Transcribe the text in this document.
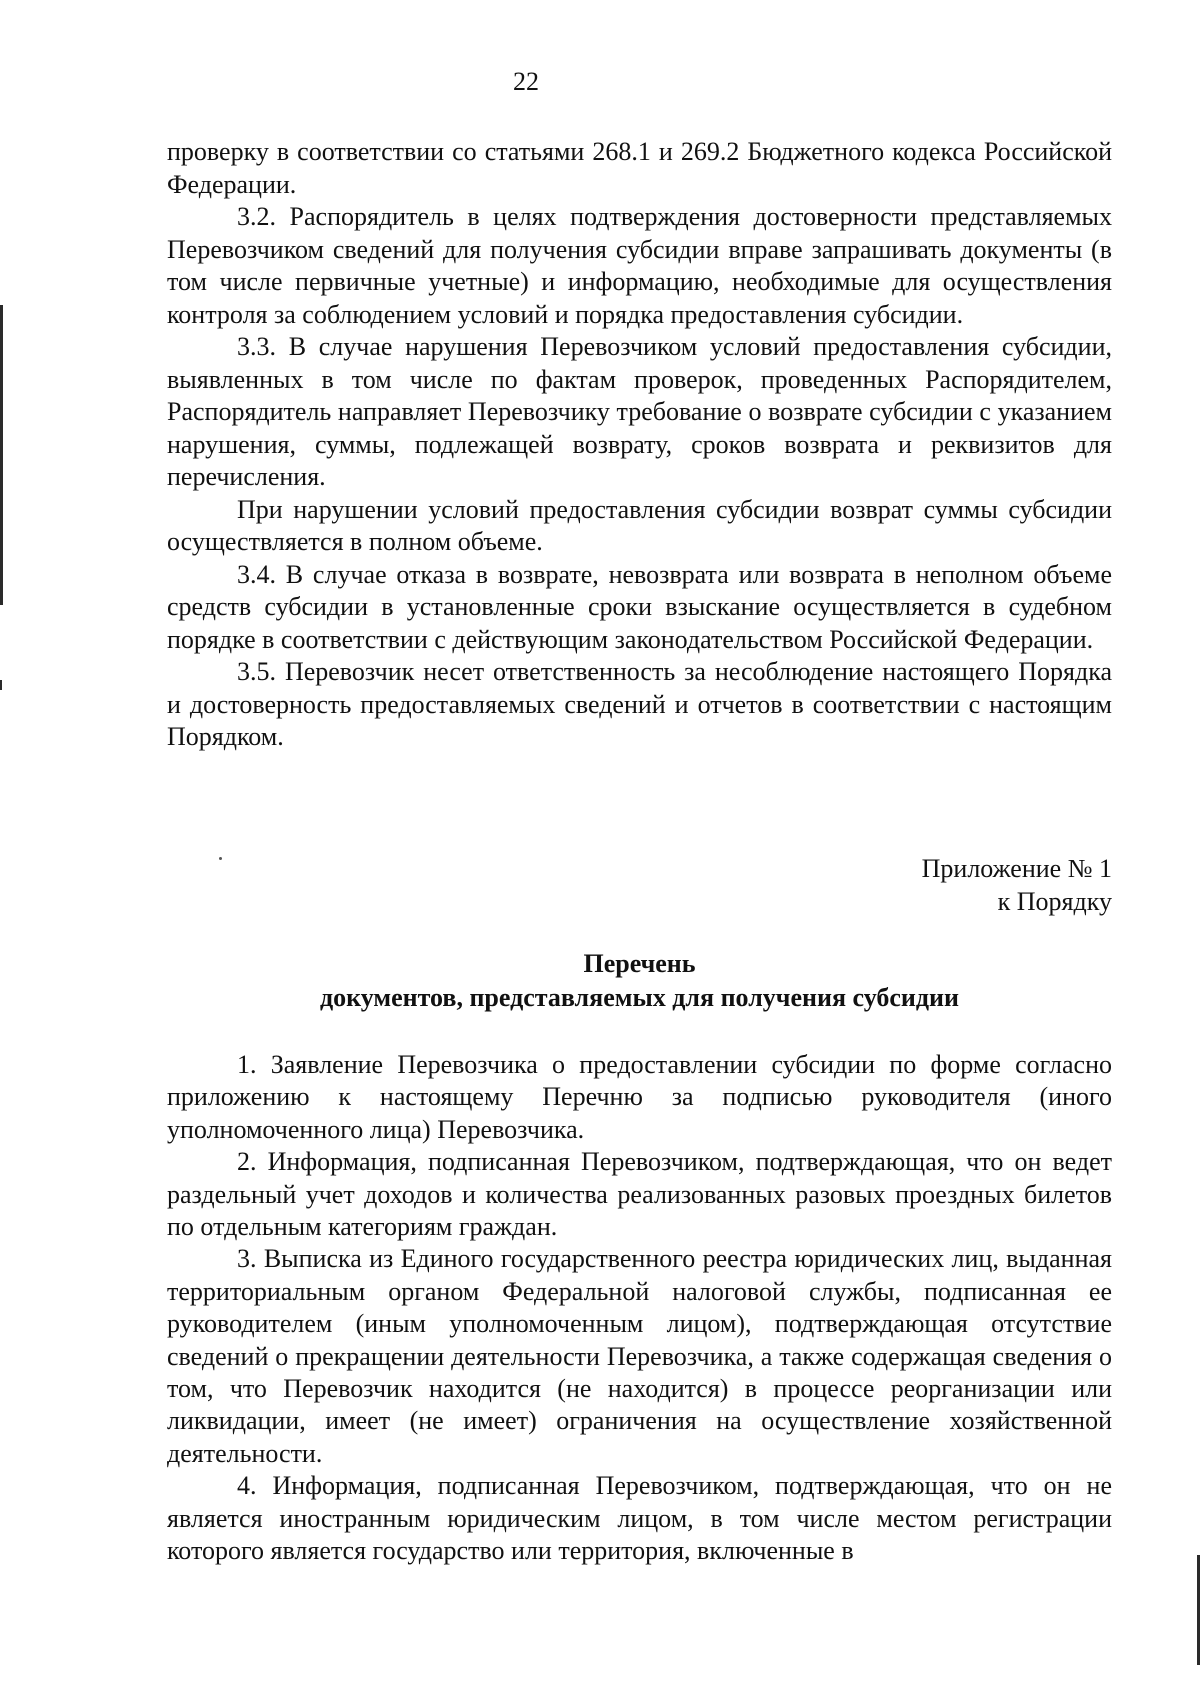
22

проверку в соответствии со статьями 268.1 и 269.2 Бюджетного кодекса Российской Федерации.

3.2. Распорядитель в целях подтверждения достоверности представляемых Перевозчиком сведений для получения субсидии вправе запрашивать документы (в том числе первичные учетные) и информацию, необходимые для осуществления контроля за соблюдением условий и порядка предоставления субсидии.

3.3. В случае нарушения Перевозчиком условий предоставления субсидии, выявленных в том числе по фактам проверок, проведенных Распорядителем, Распорядитель направляет Перевозчику требование о возврате субсидии с указанием нарушения, суммы, подлежащей возврату, сроков возврата и реквизитов для перечисления.

При нарушении условий предоставления субсидии возврат суммы субсидии осуществляется в полном объеме.

3.4. В случае отказа в возврате, невозврата или возврата в неполном объеме средств субсидии в установленные сроки взыскание осуществляется в судебном порядке в соответствии с действующим законодательством Российской Федерации.

3.5. Перевозчик несет ответственность за несоблюдение настоящего Порядка и достоверность предоставляемых сведений и отчетов в соответствии с настоящим Порядком.

Приложение № 1
к Порядку
Перечень
документов, представляемых для получения субсидии

1. Заявление Перевозчика о предоставлении субсидии по форме согласно приложению к настоящему Перечню за подписью руководителя (иного уполномоченного лица) Перевозчика.

2. Информация, подписанная Перевозчиком, подтверждающая, что он ведет раздельный учет доходов и количества реализованных разовых проездных билетов по отдельным категориям граждан.

3. Выписка из Единого государственного реестра юридических лиц, выданная территориальным органом Федеральной налоговой службы, подписанная ее руководителем (иным уполномоченным лицом), подтверждающая отсутствие сведений о прекращении деятельности Перевозчика, а также содержащая сведения о том, что Перевозчик находится (не находится) в процессе реорганизации или ликвидации, имеет (не имеет) ограничения на осуществление хозяйственной деятельности.

4. Информация, подписанная Перевозчиком, подтверждающая, что он не является иностранным юридическим лицом, в том числе местом регистрации которого является государство или территория, включенные в
